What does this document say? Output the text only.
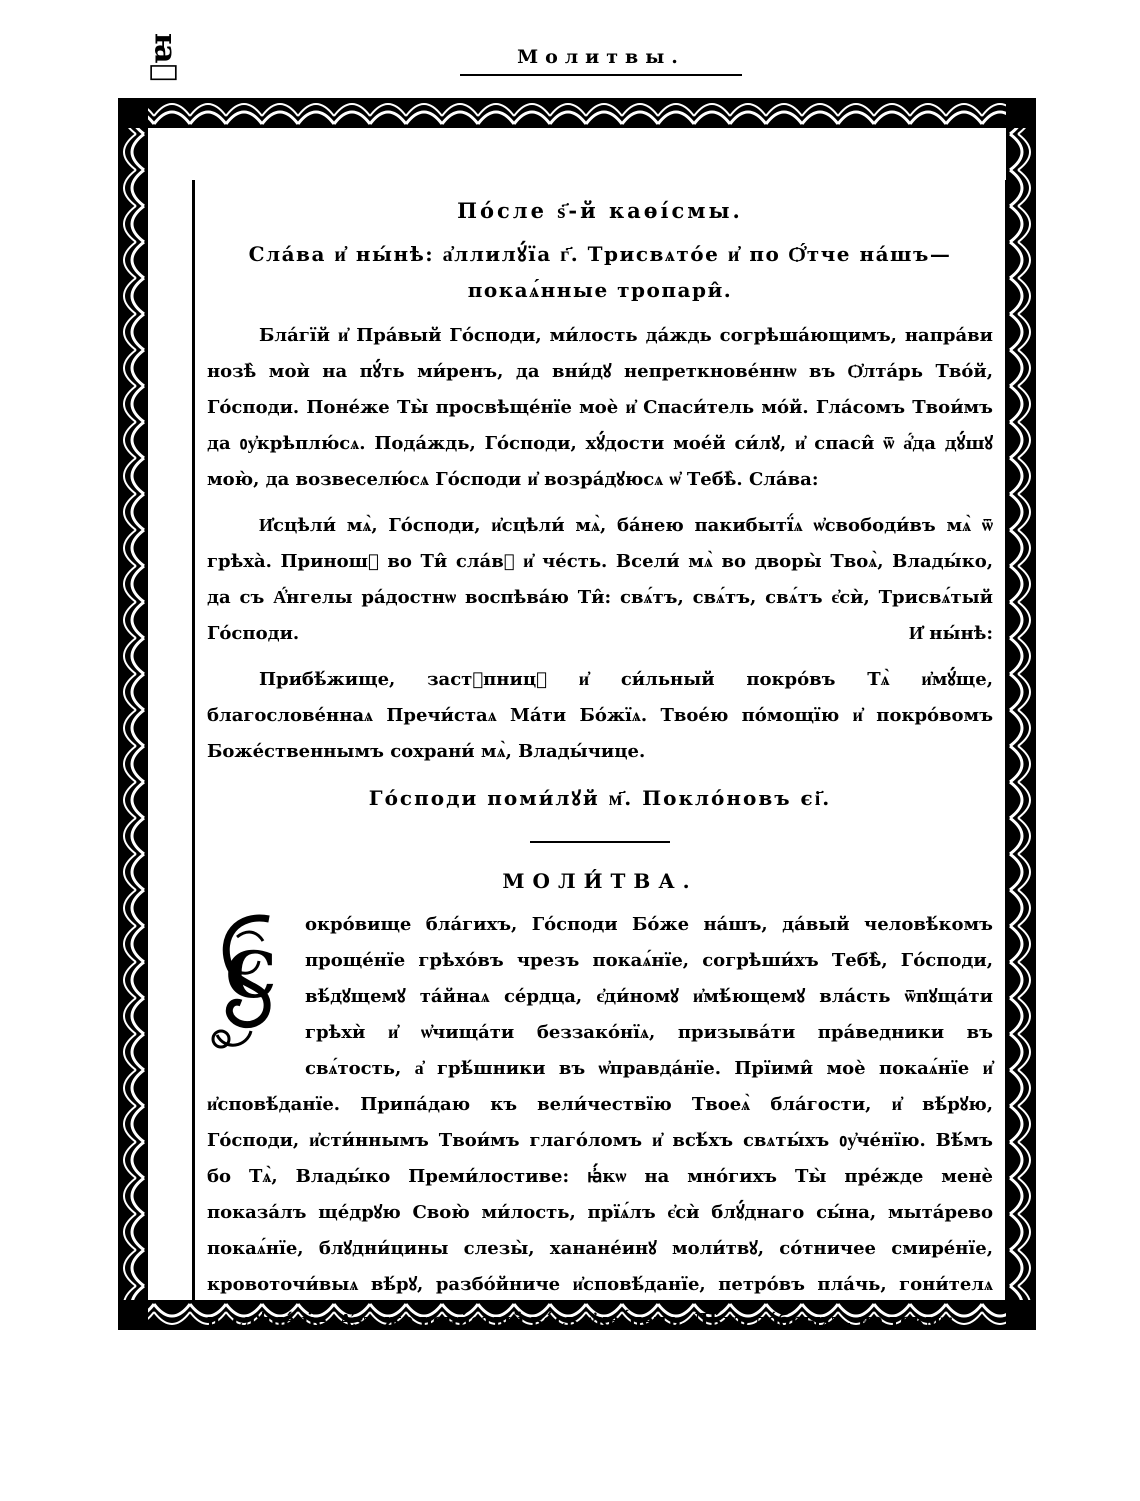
ꙗ҃	Молитвы.
Пóсле ѕ҃-й каѳíсмы.

Сла́ва и҆ ны́нѣ: а҆ллилꙋ́їа г҃. Трисвѧтóе и҆ по Ѻ҆́тче на́шъ—

покаѧ́нные тропари̂.

Бла́гїй и҆ Пра́вый Гóсподи, ми́лость да́ждь согрѣша́ющимъ, напра́ви нозѣ̀ моѝ на пꙋ́ть ми́ренъ, да вни́дꙋ непреткнове́ннѡ въ Ѻ҆лта́рь Твóй, Гóсподи. Поне́же Ты̀ просвѣще́нїе моѐ и҆ Спаси́тель мóй. Гла́сомъ Твои́мъ да ᲂу҆крѣплю́сѧ. Пода́ждь, Гóсподи, хꙋ́дости моéй си́лꙋ, и҆ спаси̂ ѿ а҆́да дꙋ́шꙋ мою̀, да возвеселю́сѧ Гóсподи и҆ возра́дꙋюсѧ ѡ҆ Тебѣ̀. Сла́ва:

И҆сцѣли́ мѧ̀, Гóсподи, и҆сцѣли́ мѧ̀, ба́нею пакибытї́ѧ ѡ҆свободи́въ мѧ̀ ѿ грѣха̀. Принош꙽ во Ти̂ сла́вꙋ и҆ че́сть. Всели́ мѧ̀ во дворы̀ Твоѧ̀, Влады́ко, да съ А҆́нгелы ра́достнѡ воспѣва́ю Ти̂: свѧ́тъ, свѧ́тъ, свѧ́тъ є҆сѝ, Трисвѧ́тый Гóсподи.	И҆ ны́нѣ:

Прибѣ́жище, заст꙽пницꙋ и҆ си́льный покрóвъ Тѧ̀ и҆мꙋ́ще, благослове́ннаѧ Пречи́стаѧ Ма́ти Бóжїѧ. Твое́ю пóмощїю и҆ покрóвомъ Боже́ственнымъ сохрани́ мѧ̀, Влады́чице.

Гóсподи поми́лꙋй м҃. Поклóновъ єі҃.
МОЛИ́ТВА.
С

окрóвище бла́гихъ, Гóсподи Бóже на́шъ, да́вый человѣ́комъ проще́нїе грѣхóвъ чрезъ покаѧ́нїе, согрѣши́хъ Тебѣ̀, Гóсподи, вѣ́дꙋщемꙋ та́йнаѧ се́рдца, є҆ди́номꙋ и҆мѣ́ющемꙋ вла́сть ѿпꙋща́ти грѣхѝ и҆ ѡ҆чища́ти беззакóнїѧ, призыва́ти пра́ведники въ свѧ́тость, а҆ грѣ́шники въ ѡ҆правда́нїе. Прїими̂ моѐ покаѧ́нїе и҆ и҆сповѣ́данїе. Припа́даю къ вели́чествїю Твоеѧ̀ бла́гости, и҆ вѣ́рꙋю, Гóсподи, и҆сти́ннымъ Твои́мъ глагóломъ и҆ всѣ́хъ свѧты́хъ ᲂу҆че́нїю. Вѣ́мъ бо Тѧ̀, Влады́ко Преми́лостиве: ꙗ҆́кѡ на мнóгихъ Ты̀ пре́жде менѐ показа́лъ ще́дрꙋю Свою̀ ми́лость, прїѧ́лъ є҆сѝ блꙋ́днаго сы́на, мыта́рево покаѧ́нїе, блꙋдни́цины слезы̀, ханане́инꙋ моли́твꙋ, сóтничее смире́нїе, кровоточи́выѧ вѣ́рꙋ, разбóйниче и҆сповѣ́данїе, петрóвъ пла́чь, гони́телѧ послꙋша́нїе. А҆́зъ же нечи́стый ве́сь ѡ҆каѧ́ненъ. Дѣ́лъ дóбрыхъ, не тóкмѡ
